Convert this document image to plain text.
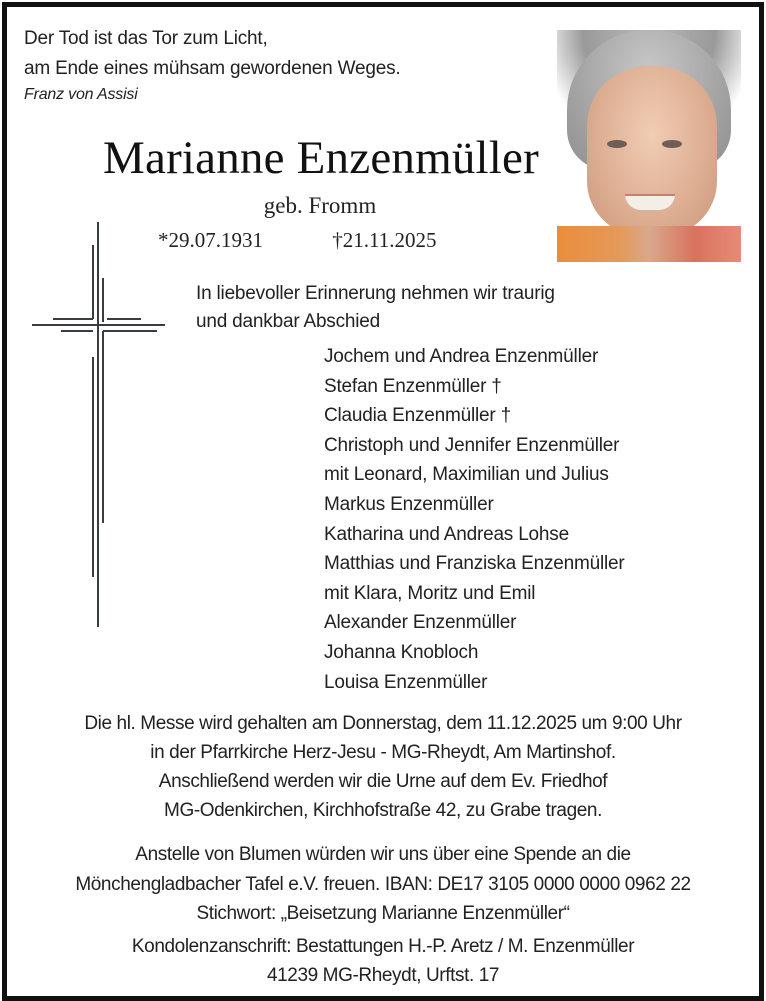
Der Tod ist das Tor zum Licht,
am Ende eines mühsam gewordenen Weges.
Franz von Assisi
Marianne Enzenmüller
geb. Fromm
*29.07.1931	†21.11.2025
In liebevoller Erinnerung nehmen wir traurig
und dankbar Abschied
Jochem und Andrea Enzenmüller
Stefan Enzenmüller †
Claudia Enzenmüller †
Christoph und Jennifer Enzenmüller
mit Leonard, Maximilian und Julius
Markus Enzenmüller
Katharina und Andreas Lohse
Matthias und Franziska Enzenmüller
mit Klara, Moritz und Emil
Alexander Enzenmüller
Johanna Knobloch
Louisa Enzenmüller
Die hl. Messe wird gehalten am Donnerstag, dem 11.12.2025 um 9:00 Uhr
in der Pfarrkirche Herz-Jesu - MG-Rheydt, Am Martinshof.
Anschließend werden wir die Urne auf dem Ev. Friedhof
MG-Odenkirchen, Kirchhofstraße 42, zu Grabe tragen.
Anstelle von Blumen würden wir uns über eine Spende an die
Mönchengladbacher Tafel e.V. freuen. IBAN: DE17 3105 0000 0000 0962 22
Stichwort: „Beisetzung Marianne Enzenmüller“
Kondolenzanschrift: Bestattungen H.-P. Aretz / M. Enzenmüller
41239 MG-Rheydt, Urftst. 17
